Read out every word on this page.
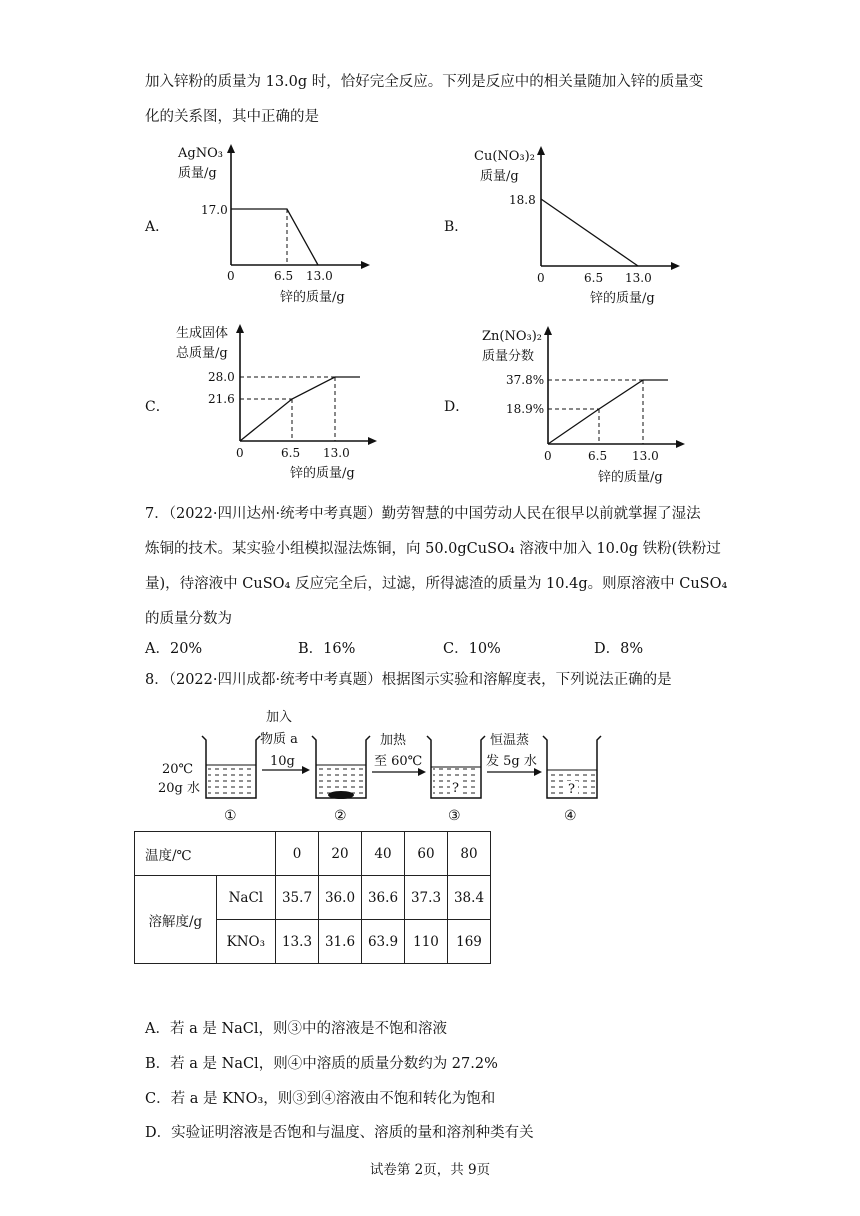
加入锌粉的质量为 13.0g 时，恰好完全反应。下列是反应中的相关量随加入锌的质量变
化的关系图，其中正确的是
A．
AgNO₃
质量/g
17.0
0	6.5 13.0
锌的质量/g
B．
Cu(NO₃)₂
质量/g
18.8
0	6.5 13.0
锌的质量/g
C．
生成固体
总质量/g
28.0
21.6
0	6.5 13.0
锌的质量/g
D．
Zn(NO₃)₂
质量分数
37.8%
18.9%
0	6.5 13.0
锌的质量/g
7．（2022·四川达州·统考中考真题）勤劳智慧的中国劳动人民在很早以前就掌握了湿法
炼铜的技术。某实验小组模拟湿法炼铜，向 50.0gCuSO₄ 溶液中加入 10.0g 铁粉(铁粉过
量)，待溶液中 CuSO₄ 反应完全后，过滤，所得滤渣的质量为 10.4g。则原溶液中 CuSO₄
的质量分数为
A．20%	B．16%	C．10%	D．8%
8．（2022·四川成都·统考中考真题）根据图示实验和溶解度表，下列说法正确的是
20℃
20g 水
①
加入
物质 a
10g
②
加热
至 60℃
?
③
恒温蒸
发 5g 水
?
④
温度/℃		0	20	40	60	80
溶解度/g	NaCl	35.7	36.0	36.6	37.3	38.4
	KNO₃	13.3	31.6	63.9	110	169
A．若 a 是 NaCl，则③中的溶液是不饱和溶液
B．若 a 是 NaCl，则④中溶质的质量分数约为 27.2%
C．若 a 是 KNO₃，则③到④溶液由不饱和转化为饱和
D．实验证明溶液是否饱和与温度、溶质的量和溶剂种类有关
试卷第 2页，共 9页
